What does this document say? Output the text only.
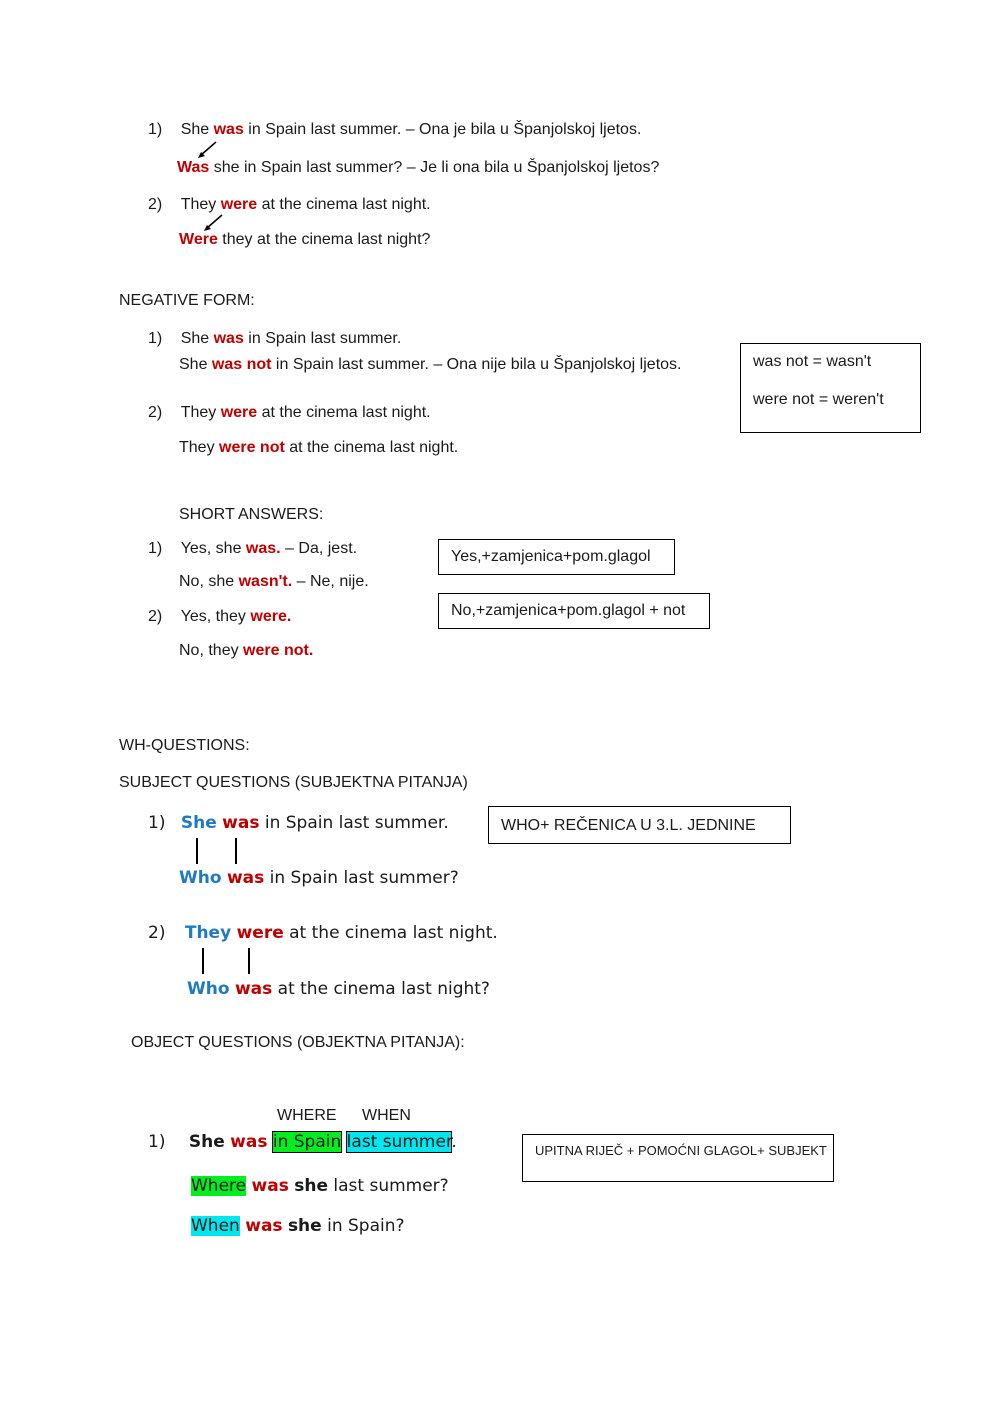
1) She was in Spain last summer. – Ona je bila u Španjolskoj ljetos.
Was she in Spain last summer? – Je li ona bila u Španjolskoj ljetos?
2) They were at the cinema last night.
Were they at the cinema last night?
NEGATIVE FORM:
1) She was in Spain last summer.
She was not in Spain last summer. – Ona nije bila u Španjolskoj ljetos.
2) They were at the cinema last night.
They were not at the cinema last night.
was not = wasn't
were not = weren't
SHORT ANSWERS:
1) Yes, she was. – Da, jest.
No, she wasn't. – Ne, nije.
2) Yes, they were.
No, they were not.
Yes,+zamjenica+pom.glagol
No,+zamjenica+pom.glagol + not
WH-QUESTIONS:
SUBJECT QUESTIONS (SUBJEKTNA PITANJA)
1) She was in Spain last summer.
Who was in Spain last summer?
WHO+ REČENICA U 3.L. JEDNINE
2) They were at the cinema last night.
Who was at the cinema last night?
OBJECT QUESTIONS (OBJEKTNA PITANJA):
WHERE WHEN
1) She was in Spain last summer.
Where was she last summer?
When was she in Spain?
UPITNA RIJEČ + POMOĆNI GLAGOL+ SUBJEKT
